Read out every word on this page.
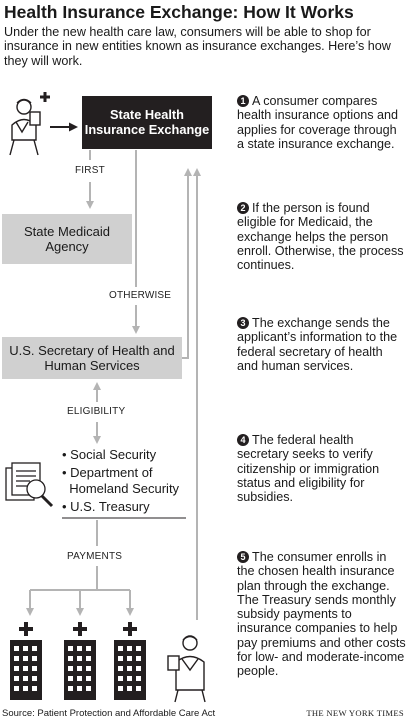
Health Insurance Exchange: How It Works
Under the new health care law, consumers will be able to shop for insurance in new entities known as insurance exchanges. Here’s how they will work.
State Health Insurance Exchange
State Medicaid Agency
U.S. Secretary of Health and Human Services
FIRST
OTHERWISE
ELIGIBILITY
PAYMENTS
• Social Security
• Department of
Homeland Security
• U.S. Treasury
1 A consumer compares health insurance options and applies for coverage through a state insurance exchange.
2 If the person is found eligible for Medicaid, the exchange helps the person enroll. Otherwise, the process continues.
3 The exchange sends the applicant’s information to the federal secretary of health and human services.
4 The federal health secretary seeks to verify citizenship or immigration status and eligibility for subsidies.
5 The consumer enrolls in the chosen health insurance plan through the exchange. The Treasury sends monthly subsidy payments to insurance companies to help pay premiums and other costs for low- and moderate-income people.
Source: Patient Protection and Affordable Care Act	THE NEW YORK TIMES
